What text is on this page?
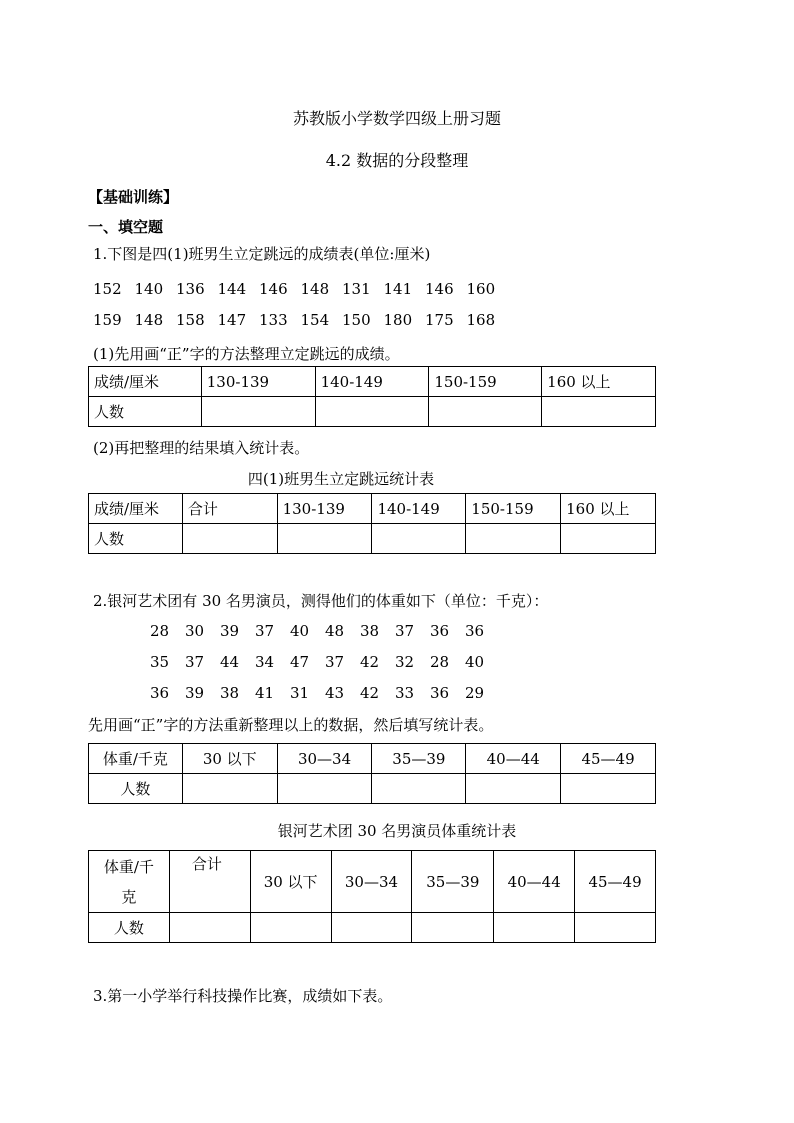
苏教版小学数学四级上册习题
4.2 数据的分段整理
【基础训练】
一、填空题
1.下图是四(1)班男生立定跳远的成绩表(单位:厘米)
152 140 136 144 146 148 131 141 146 160
159 148 158 147 133 154 150 180 175 168
(1)先用画“正”字的方法整理立定跳远的成绩。
成绩/厘米	130-139	140-149	150-159	160 以上
人数				
(2)再把整理的结果填入统计表。
四(1)班男生立定跳远统计表
成绩/厘米	合计	130-139	140-149	150-159	160 以上
人数					
2.银河艺术团有 30 名男演员，测得他们的体重如下（单位：千克）：
28 30 39 37 40 48 38 37 36 36
35 37 44 34 47 37 42 32 28 40
36 39 38 41 31 43 42 33 36 29
先用画“正”字的方法重新整理以上的数据，然后填写统计表。
体重/千克	30 以下	30—34	35—39	40—44	45—49
人数					
银河艺术团 30 名男演员体重统计表
体重/千
克	合计	30 以下	30—34	35—39	40—44	45—49
人数						
3.第一小学举行科技操作比赛，成绩如下表。
